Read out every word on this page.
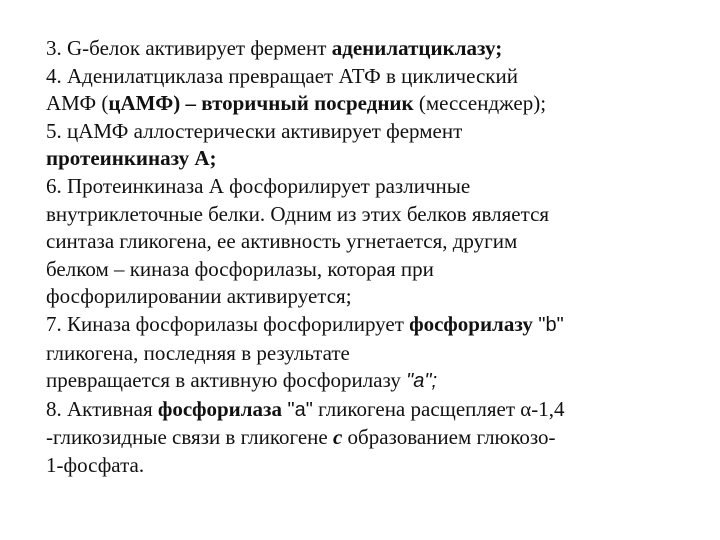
3. G-белок активирует фермент аденилатциклазу;
4. Аденилатциклаза превращает АТФ в циклический
АМФ (цАМФ) – вторичный посредник (мессенджер);
5. цАМФ аллостерически активирует фермент
протеинкиназу А;
6. Протеинкиназа А фосфорилирует различные
внутриклеточные белки. Одним из этих белков является
синтаза гликогена, ее активность угнетается, другим
белком – киназа фосфорилазы, которая при
фосфорилировании активируется;
7. Киназа фосфорилазы фосфорилирует фосфорилазу "b"
гликогена, последняя в результате
превращается в активную фосфорилазу "а";
8. Активная фосфорилаза "а" гликогена расщепляет α-1,4
-гликозидные связи в гликогене с образованием глюкозо-
1-фосфата.
